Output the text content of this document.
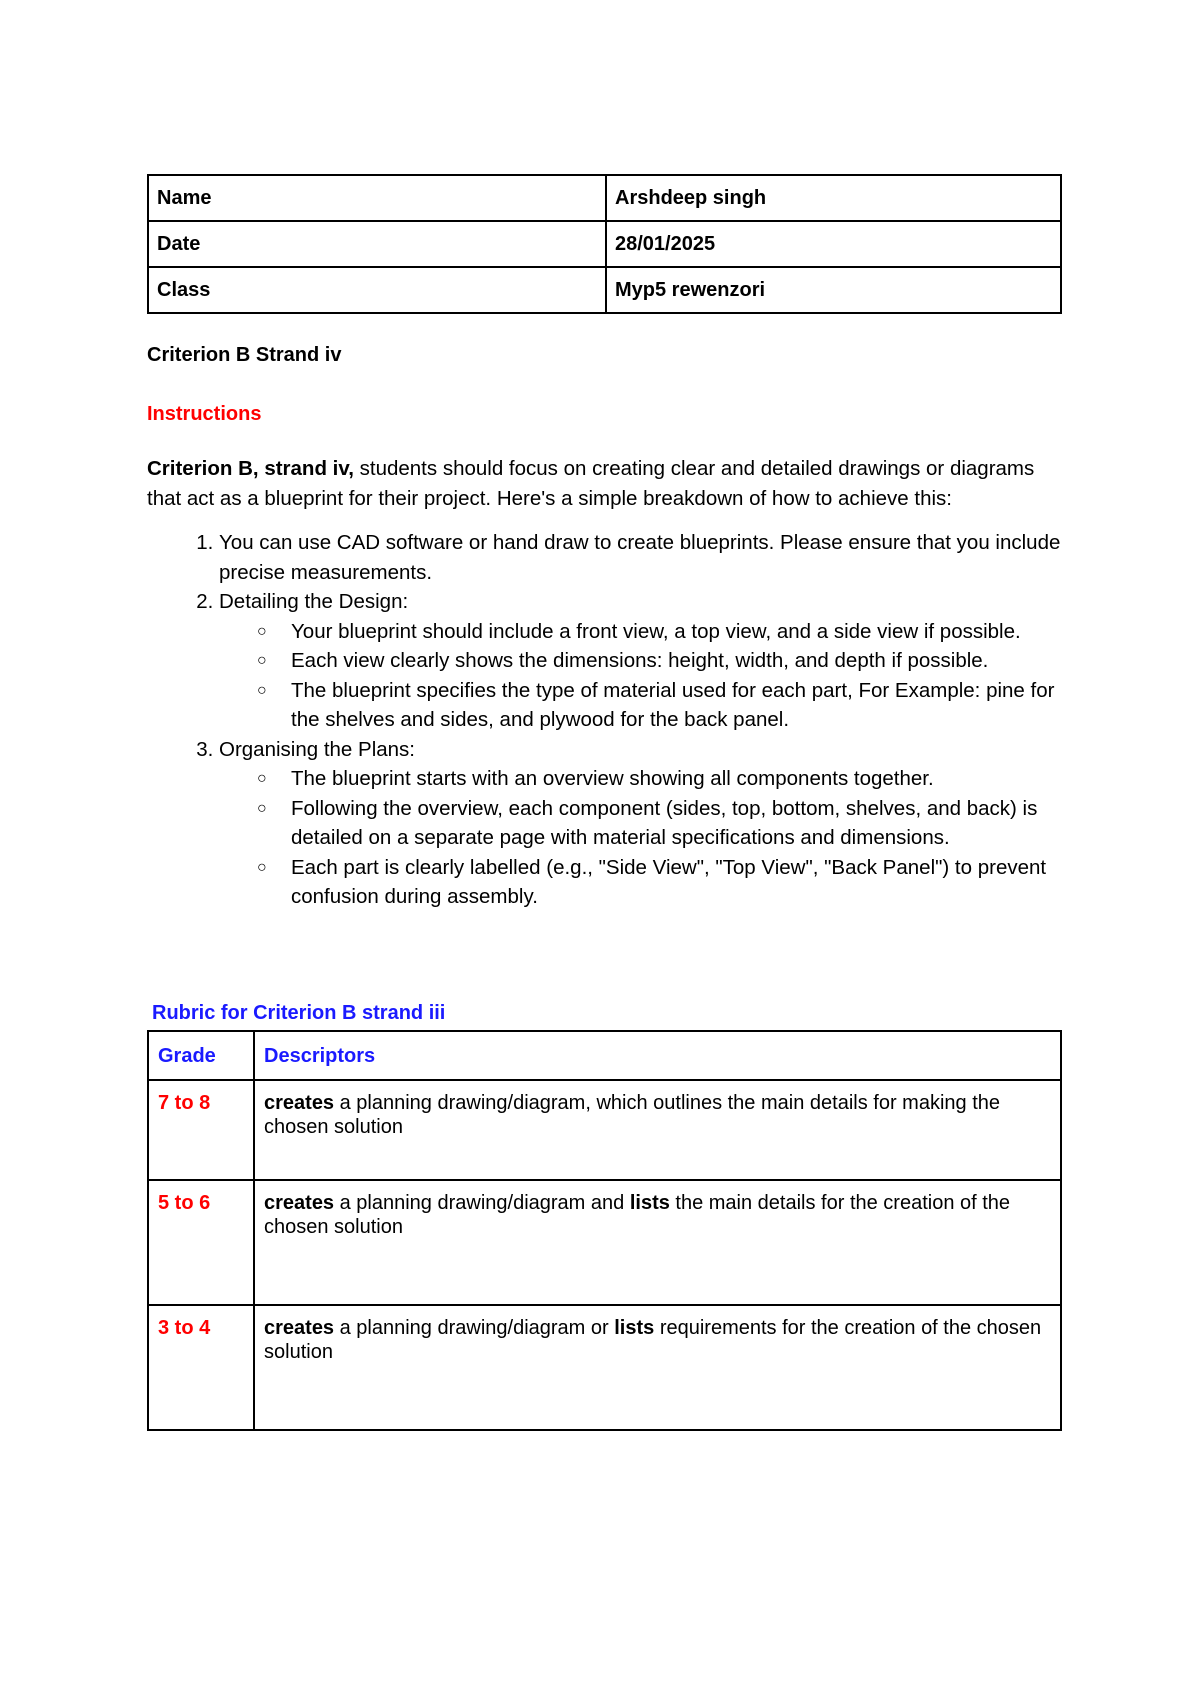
Name	Arshdeep singh
Date	28/01/2025
Class	Myp5 rewenzori
Criterion B Strand iv
Instructions
Criterion B, strand iv, students should focus on creating clear and detailed drawings or diagrams that act as a blueprint for their project. Here's a simple breakdown of how to achieve this:
1. You can use CAD software or hand draw to create blueprints. Please ensure that you include precise measurements.
2. Detailing the Design:
○ Your blueprint should include a front view, a top view, and a side view if possible.
○ Each view clearly shows the dimensions: height, width, and depth if possible.
○ The blueprint specifies the type of material used for each part, For Example: pine for the shelves and sides, and plywood for the back panel.
3. Organising the Plans:
○ The blueprint starts with an overview showing all components together.
○ Following the overview, each component (sides, top, bottom, shelves, and back) is detailed on a separate page with material specifications and dimensions.
○ Each part is clearly labelled (e.g., "Side View", "Top View", "Back Panel") to prevent confusion during assembly.
Rubric for Criterion B strand iii
Grade	Descriptors
7 to 8	creates a planning drawing/diagram, which outlines the main details for making the chosen solution
5 to 6	creates a planning drawing/diagram and lists the main details for the creation of the chosen solution
3 to 4	creates a planning drawing/diagram or lists requirements for the creation of the chosen solution
